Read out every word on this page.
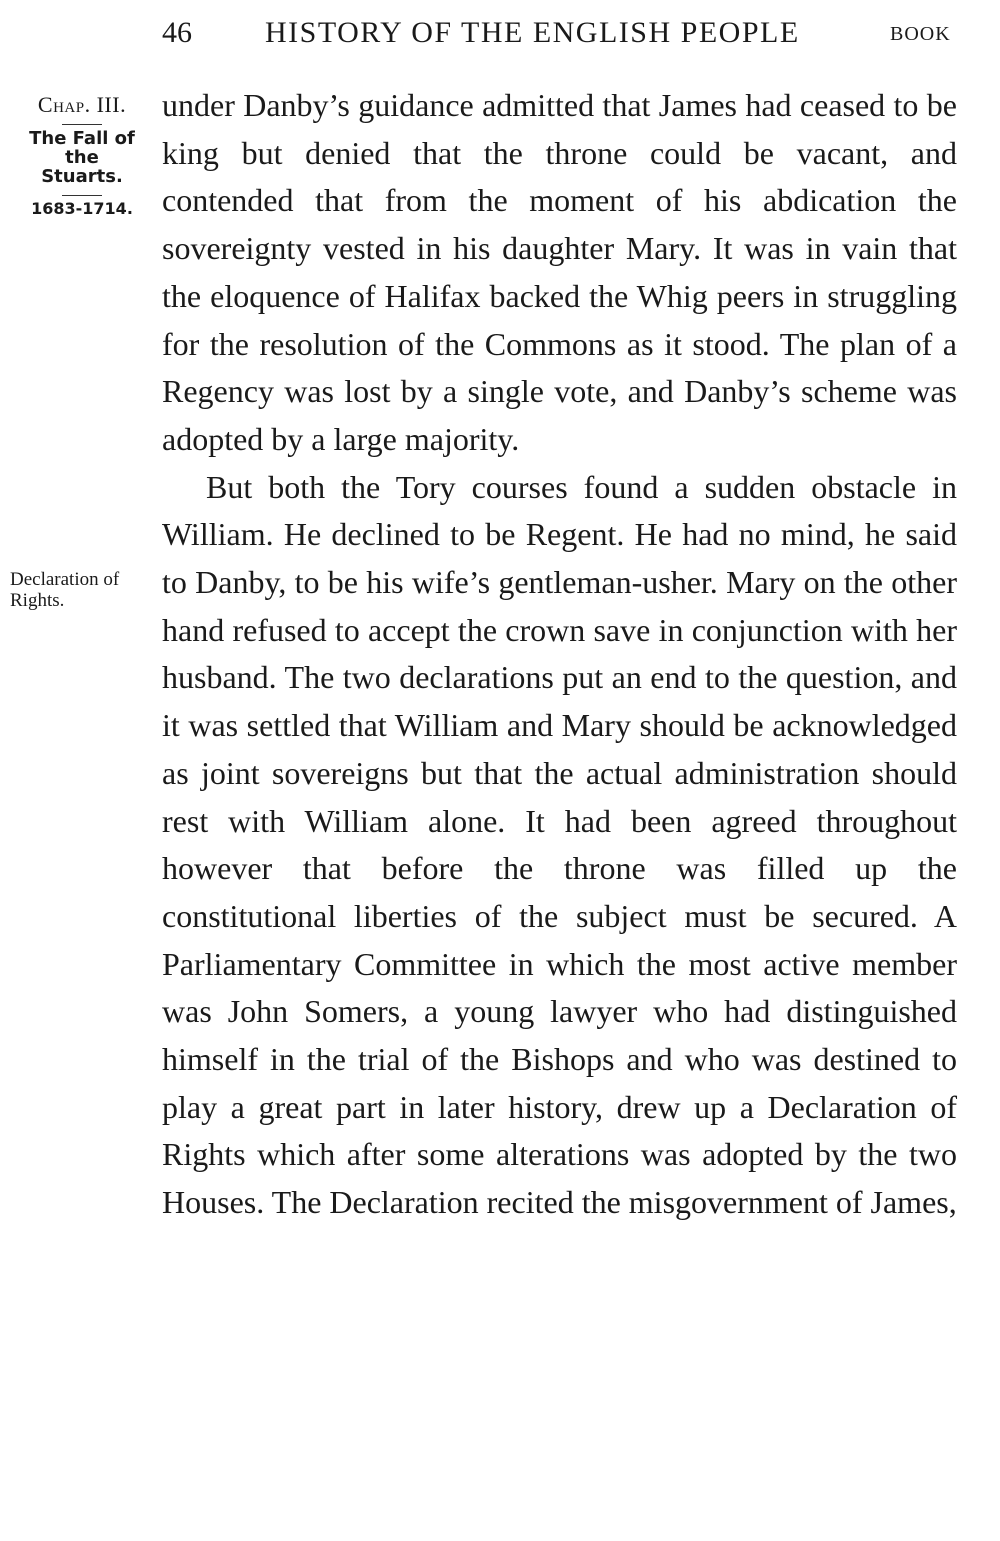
46 HISTORY OF THE ENGLISH PEOPLE	BOOK
Chap. III.
The Fall of the Stuarts.
1683-1714.
Declaration of Rights.

under Danby’s guidance admitted that James had ceased to be king but denied that the throne could be vacant, and contended that from the moment of his abdication the sovereignty vested in his daughter Mary. It was in vain that the eloquence of Halifax backed the Whig peers in struggling for the resolution of the Commons as it stood. The plan of a Regency was lost by a single vote, and Danby’s scheme was adopted by a large majority.

But both the Tory courses found a sudden obstacle in William. He declined to be Regent. He had no mind, he said to Danby, to be his wife’s gentleman-usher. Mary on the other hand refused to accept the crown save in conjunction with her husband. The two declarations put an end to the question, and it was settled that William and Mary should be acknowledged as joint sovereigns but that the actual administration should rest with William alone. It had been agreed throughout however that before the throne was filled up the constitutional liberties of the subject must be secured. A Parliamentary Committee in which the most active member was John Somers, a young lawyer who had distinguished himself in the trial of the Bishops and who was destined to play a great part in later history, drew up a Declaration of Rights which after some alterations was adopted by the two Houses. The Declaration recited the misgovernment of James,
